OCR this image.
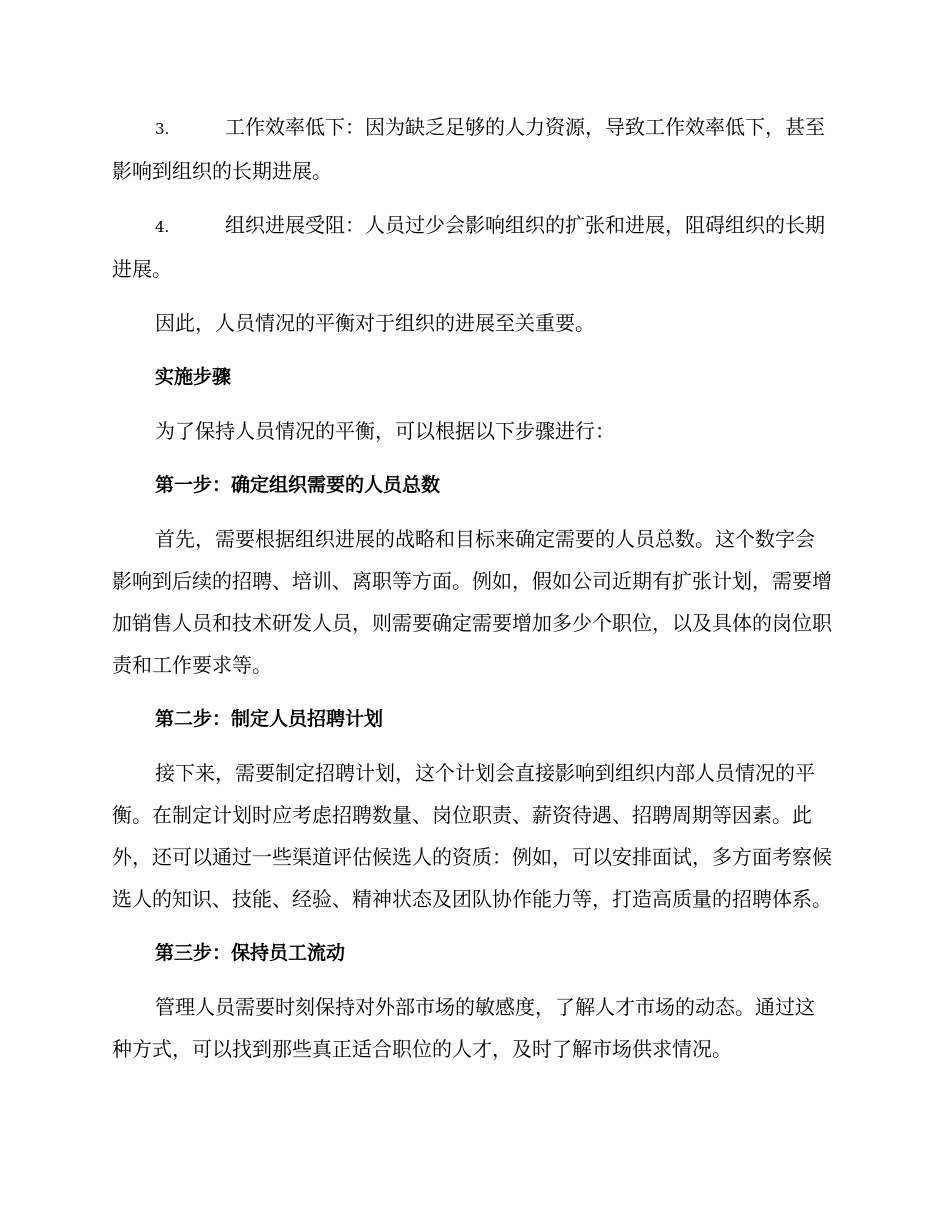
3.	工作效率低下：因为缺乏足够的人力资源，导致工作效率低下，甚至影响到组织的长期进展。

4.	组织进展受阻：人员过少会影响组织的扩张和进展，阻碍组织的长期进展。

因此，人员情况的平衡对于组织的进展至关重要。

实施步骤

为了保持人员情况的平衡，可以根据以下步骤进行：

第一步：确定组织需要的人员总数

首先，需要根据组织进展的战略和目标来确定需要的人员总数。这个数字会影响到后续的招聘、培训、离职等方面。例如，假如公司近期有扩张计划，需要增加销售人员和技术研发人员，则需要确定需要增加多少个职位，以及具体的岗位职责和工作要求等。

第二步：制定人员招聘计划

接下来，需要制定招聘计划，这个计划会直接影响到组织内部人员情况的平衡。在制定计划时应考虑招聘数量、岗位职责、薪资待遇、招聘周期等因素。此外，还可以通过一些渠道评估候选人的资质：例如，可以安排面试，多方面考察候选人的知识、技能、经验、精神状态及团队协作能力等，打造高质量的招聘体系。

第三步：保持员工流动

管理人员需要时刻保持对外部市场的敏感度，了解人才市场的动态。通过这种方式，可以找到那些真正适合职位的人才，及时了解市场供求情况。
